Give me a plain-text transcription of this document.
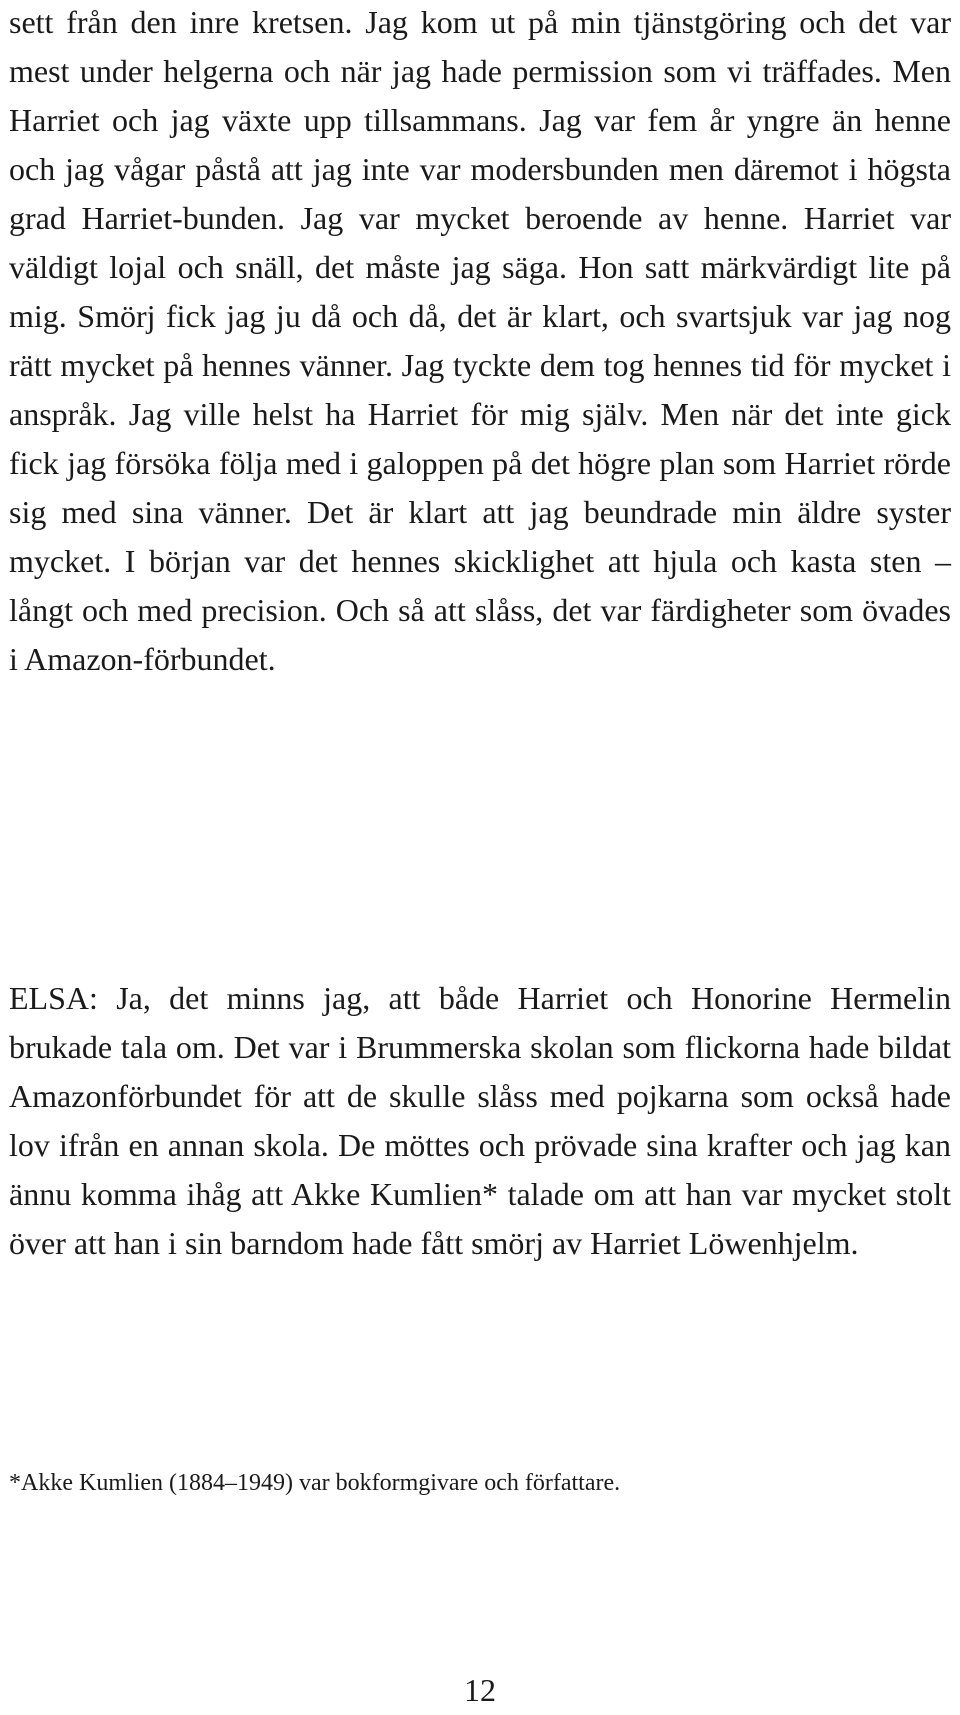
sett från den inre kretsen. Jag kom ut på min tjänstgöring och det var mest under helgerna och när jag hade permission som vi träffades. Men Harriet och jag växte upp tillsammans. Jag var fem år yngre än henne och jag vågar påstå att jag inte var modersbunden men däremot i högsta grad Harriet-bunden. Jag var mycket beroende av henne. Harriet var väldigt lojal och snäll, det måste jag säga. Hon satt märkvärdigt lite på mig. Smörj fick jag ju då och då, det är klart, och svartsjuk var jag nog rätt mycket på hennes vänner. Jag tyckte dem tog hennes tid för mycket i anspråk. Jag ville helst ha Harriet för mig själv. Men när det inte gick fick jag försöka följa med i galoppen på det högre plan som Harriet rörde sig med sina vänner. Det är klart att jag beundrade min äldre syster mycket. I början var det hennes skicklighet att hjula och kasta sten – långt och med precision. Och så att slåss, det var färdigheter som övades i Amazon-förbundet.

ELSA: Ja, det minns jag, att både Harriet och Honorine Hermelin brukade tala om. Det var i Brummerska skolan som flickorna hade bildat Amazonförbundet för att de skulle slåss med pojkarna som också hade lov ifrån en annan skola. De möttes och prövade sina krafter och jag kan ännu komma ihåg att Akke Kumlien* talade om att han var mycket stolt över att han i sin barndom hade fått smörj av Harriet Löwenhjelm.

*Akke Kumlien (1884–1949) var bokformgivare och författare.

12
